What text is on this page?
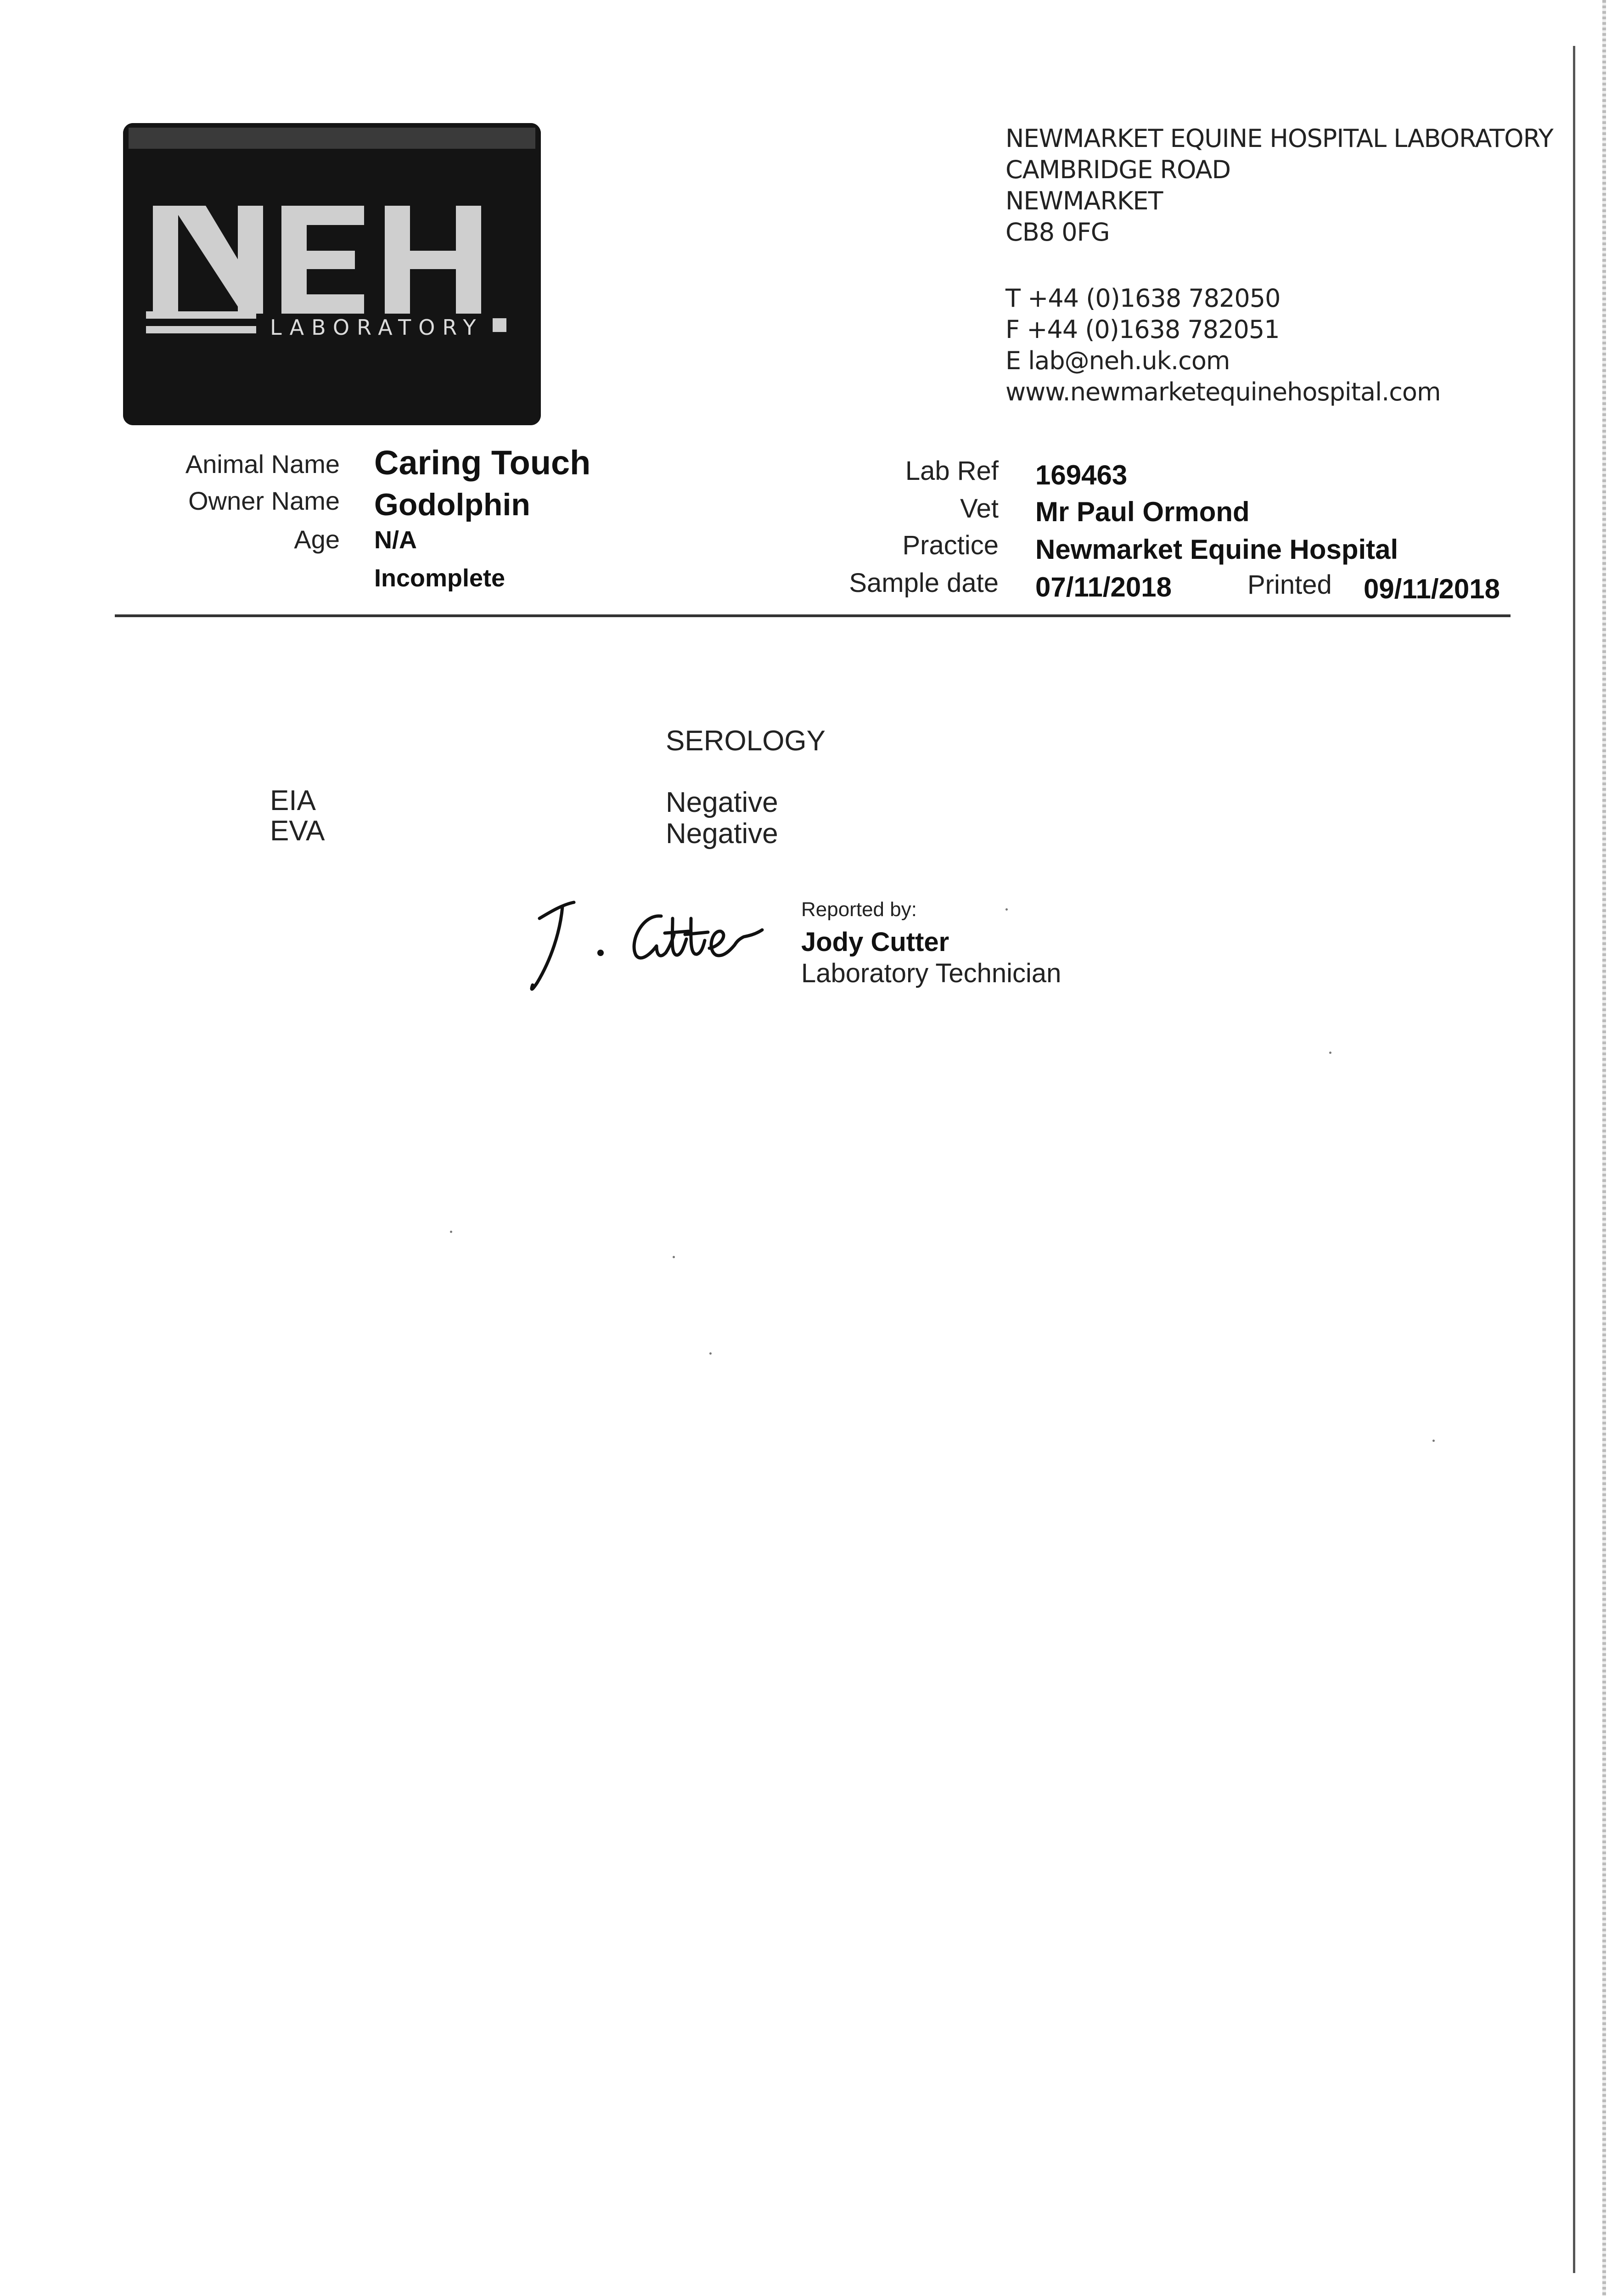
LABORATORY
NEWMARKET EQUINE HOSPITAL LABORATORY
CAMBRIDGE ROAD
NEWMARKET
CB8 0FG
T +44 (0)1638 782050
F +44 (0)1638 782051
E lab@neh.uk.com
www.newmarketequinehospital.com
Animal Name Caring Touch
Owner Name Godolphin
Age N/A
Incomplete
Lab Ref 169463
Vet Mr Paul Ormond
Practice Newmarket Equine Hospital
Sample date 07/11/2018	Printed 09/11/2018
SEROLOGY
EIA	Negative
EVA	Negative
Reported by:
Jody Cutter
Laboratory Technician
